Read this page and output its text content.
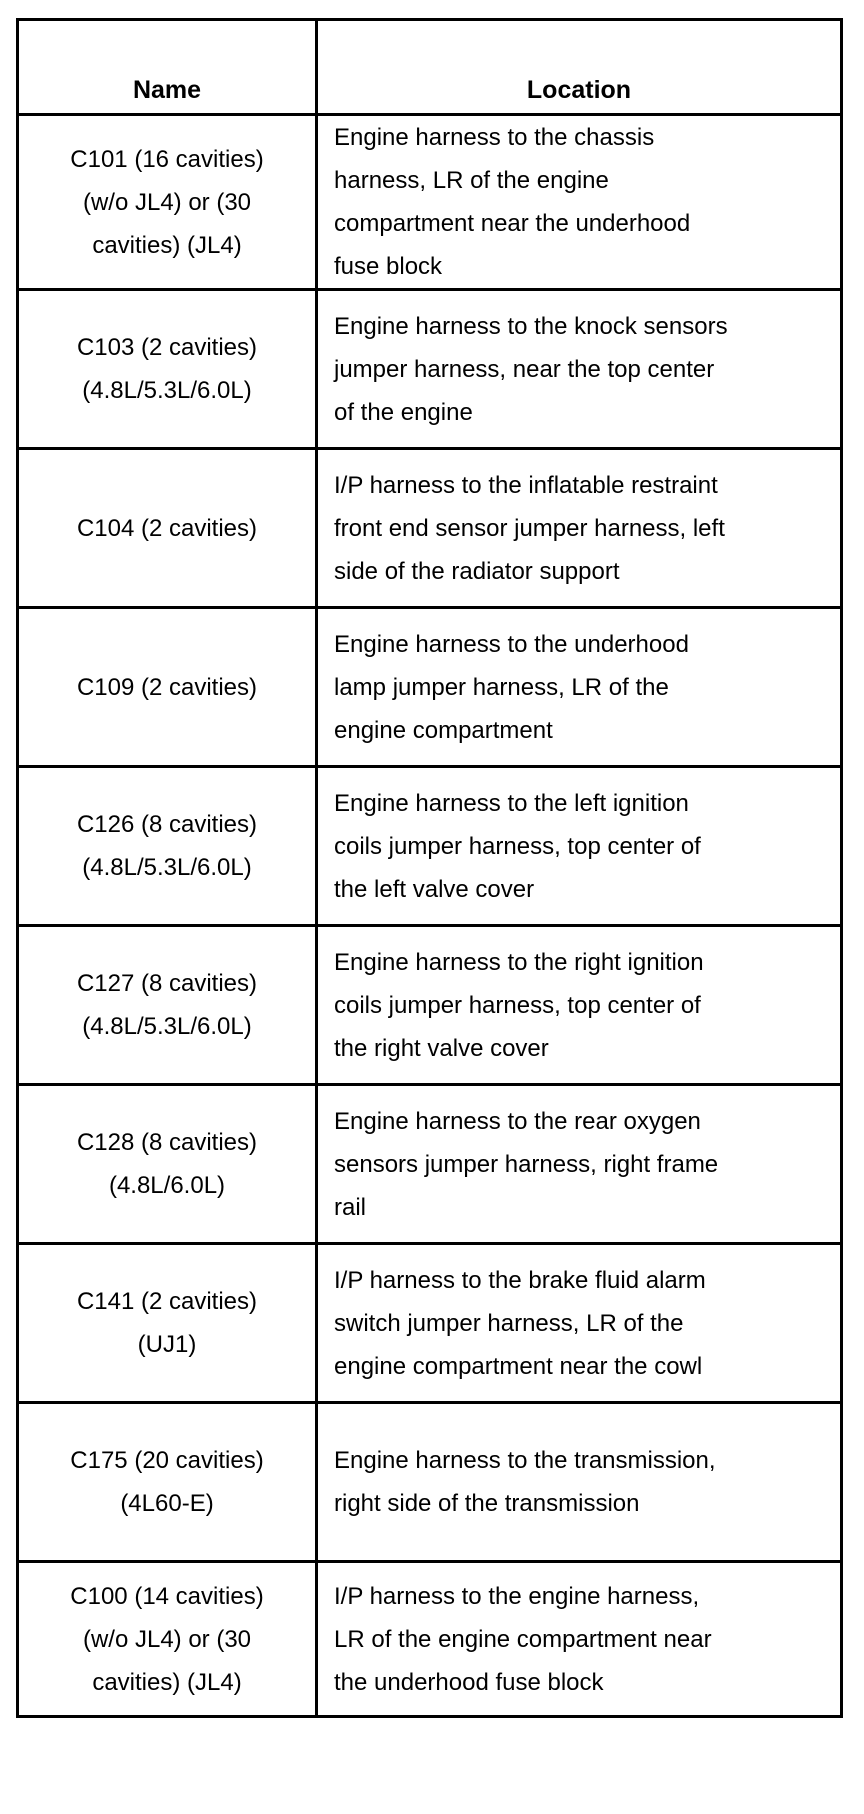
Name	Location
C101 (16 cavities)
(w/o JL4) or (30
cavities) (JL4)	Engine harness to the chassis
harness, LR of the engine
compartment near the underhood
fuse block
C103 (2 cavities)
(4.8L/5.3L/6.0L)	Engine harness to the knock sensors
jumper harness, near the top center
of the engine
C104 (2 cavities)	I/P harness to the inflatable restraint
front end sensor jumper harness, left
side of the radiator support
C109 (2 cavities)	Engine harness to the underhood
lamp jumper harness, LR of the
engine compartment
C126 (8 cavities)
(4.8L/5.3L/6.0L)	Engine harness to the left ignition
coils jumper harness, top center of
the left valve cover
C127 (8 cavities)
(4.8L/5.3L/6.0L)	Engine harness to the right ignition
coils jumper harness, top center of
the right valve cover
C128 (8 cavities)
(4.8L/6.0L)	Engine harness to the rear oxygen
sensors jumper harness, right frame
rail
C141 (2 cavities)
(UJ1)	I/P harness to the brake fluid alarm
switch jumper harness, LR of the
engine compartment near the cowl
C175 (20 cavities)
(4L60-E)	Engine harness to the transmission,
right side of the transmission
C100 (14 cavities)
(w/o JL4) or (30
cavities) (JL4)	I/P harness to the engine harness,
LR of the engine compartment near
the underhood fuse block
